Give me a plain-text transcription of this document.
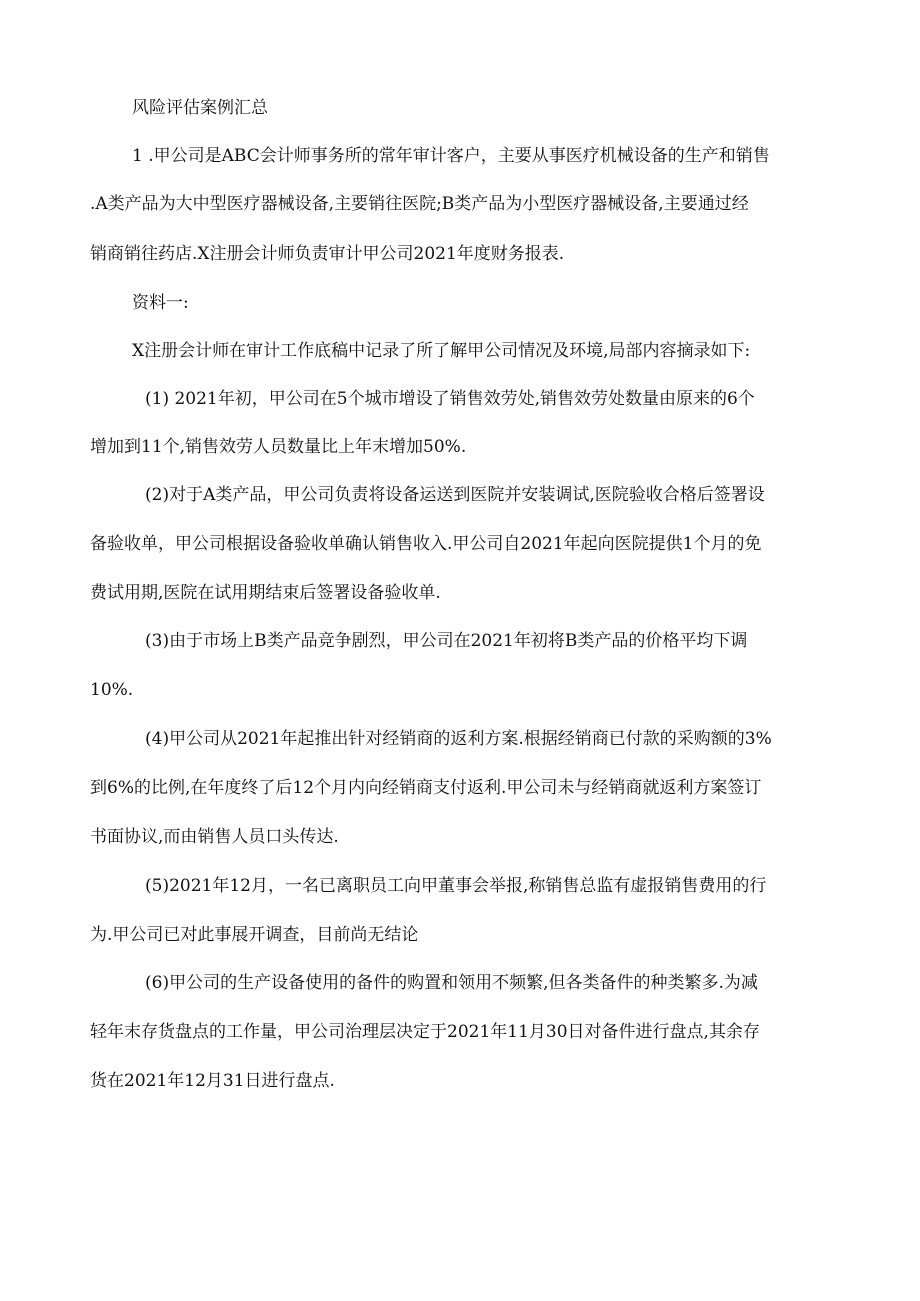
风险评估案例汇总
1 .甲公司是ABC会计师事务所的常年审计客户，主要从事医疗机械设备的生产和销售
.A类产品为大中型医疗器械设备,主要销往医院;B类产品为小型医疗器械设备,主要通过经
销商销往药店.X注册会计师负责审计甲公司2021年度财务报表.
资料一:
X注册会计师在审计工作底稿中记录了所了解甲公司情况及环境,局部内容摘录如下:
(1) 2021年初，甲公司在5个城市增设了销售效劳处,销售效劳处数量由原来的6个
增加到11个,销售效劳人员数量比上年末增加50%.
(2)对于A类产品，甲公司负责将设备运送到医院并安装调试,医院验收合格后签署设
备验收单，甲公司根据设备验收单确认销售收入.甲公司自2021年起向医院提供1个月的免
费试用期,医院在试用期结束后签署设备验收单.
(3)由于市场上B类产品竞争剧烈，甲公司在2021年初将B类产品的价格平均下调
10%.
(4)甲公司从2021年起推出针对经销商的返利方案.根据经销商已付款的采购额的3%
到6%的比例,在年度终了后12个月内向经销商支付返利.甲公司未与经销商就返利方案签订
书面协议,而由销售人员口头传达.
(5)2021年12月，一名已离职员工向甲董事会举报,称销售总监有虚报销售费用的行
为.甲公司已对此事展开调查，目前尚无结论
(6)甲公司的生产设备使用的备件的购置和领用不频繁,但各类备件的种类繁多.为减
轻年末存货盘点的工作量，甲公司治理层决定于2021年11月30日对备件进行盘点,其余存
货在2021年12月31日进行盘点.
